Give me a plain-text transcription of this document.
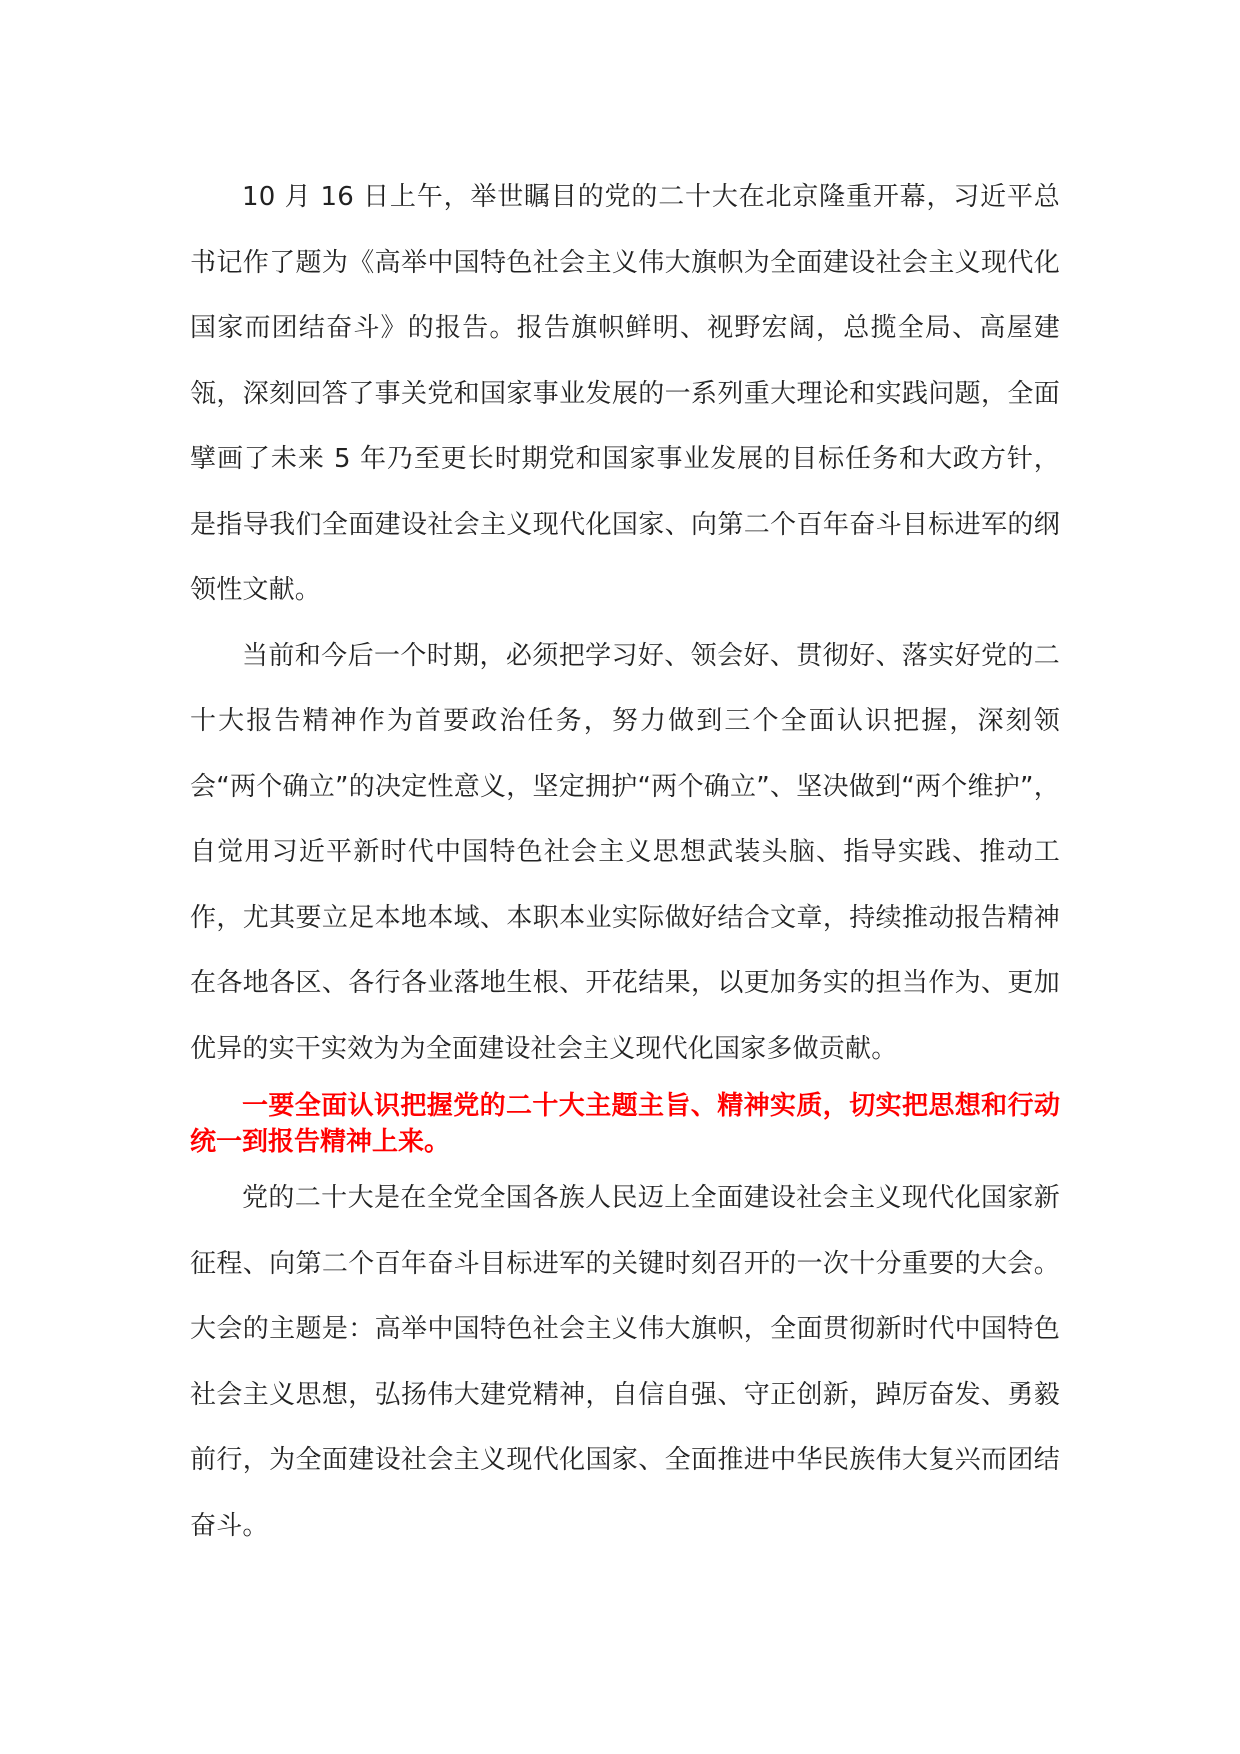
10 月 16 日上午，举世瞩目的党的二十大在北京隆重开幕，习近平总书记作了题为《高举中国特色社会主义伟大旗帜为全面建设社会主义现代化国家而团结奋斗》的报告。报告旗帜鲜明、视野宏阔，总揽全局、高屋建瓴，深刻回答了事关党和国家事业发展的一系列重大理论和实践问题，全面擘画了未来 5 年乃至更长时期党和国家事业发展的目标任务和大政方针，是指导我们全面建设社会主义现代化国家、向第二个百年奋斗目标进军的纲领性文献。

当前和今后一个时期，必须把学习好、领会好、贯彻好、落实好党的二十大报告精神作为首要政治任务，努力做到三个全面认识把握，深刻领会“两个确立”的决定性意义，坚定拥护“两个确立”、坚决做到“两个维护”，自觉用习近平新时代中国特色社会主义思想武装头脑、指导实践、推动工作，尤其要立足本地本域、本职本业实际做好结合文章，持续推动报告精神在各地各区、各行各业落地生根、开花结果，以更加务实的担当作为、更加优异的实干实效为为全面建设社会主义现代化国家多做贡献。

一要全面认识把握党的二十大主题主旨、精神实质，切实把思想和行动统一到报告精神上来。

党的二十大是在全党全国各族人民迈上全面建设社会主义现代化国家新征程、向第二个百年奋斗目标进军的关键时刻召开的一次十分重要的大会。大会的主题是：高举中国特色社会主义伟大旗帜，全面贯彻新时代中国特色社会主义思想，弘扬伟大建党精神，自信自强、守正创新，踔厉奋发、勇毅前行，为全面建设社会主义现代化国家、全面推进中华民族伟大复兴而团结奋斗。
